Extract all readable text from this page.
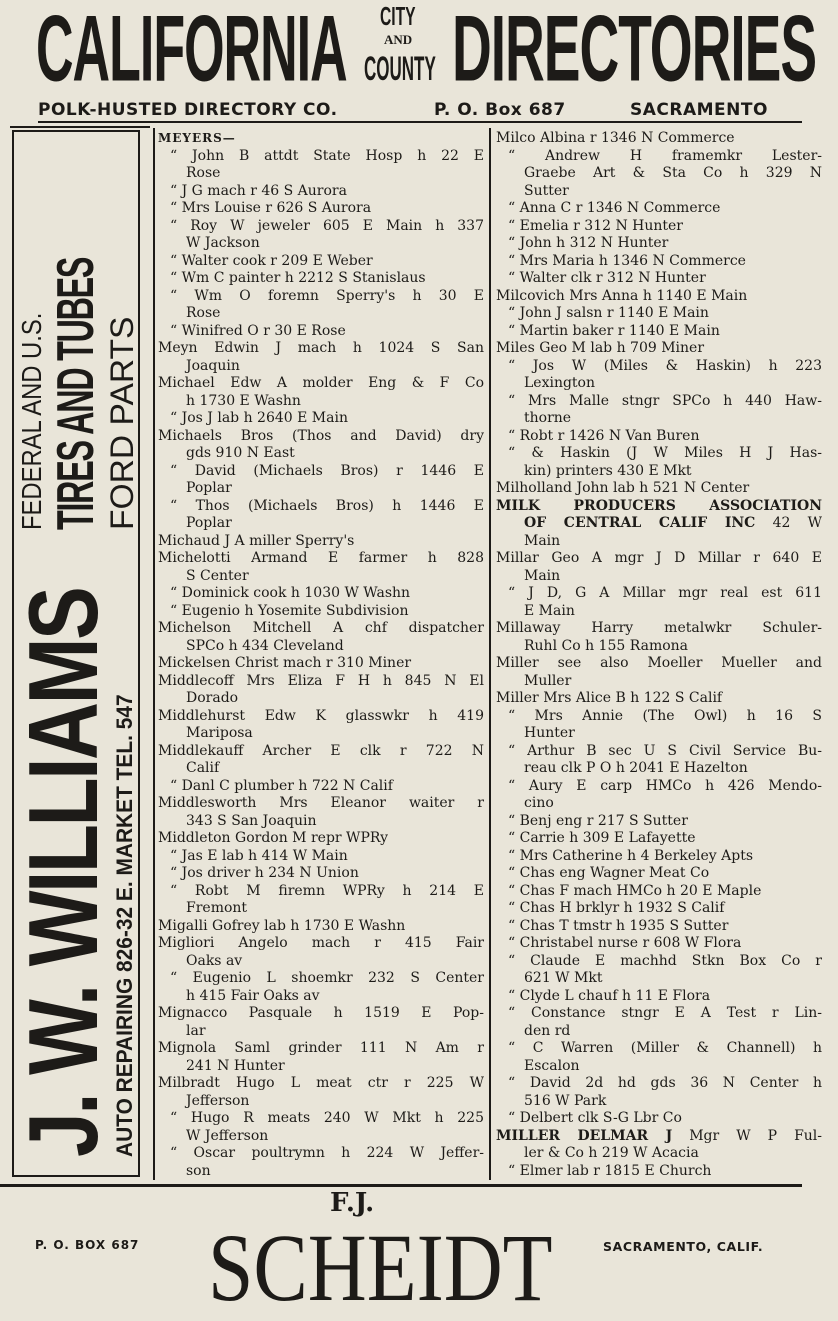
CALIFORNIA CITY
AND
COUNTY DIRECTORIES
POLK-HUSTED DIRECTORY CO.	P. O. Box 687	SACRAMENTO
J. W. WILLIAMS
AUTO REPAIRING 826-32 E. MARKET TEL. 547
FEDERAL AND U.S. TIRES AND TUBES FORD PARTS
MEYERS—
“ John B attdt State Hosp h 22 E
Rose
“ J G mach r 46 S Aurora
“ Mrs Louise r 626 S Aurora
“ Roy W jeweler 605 E Main h 337
W Jackson
“ Walter cook r 209 E Weber
“ Wm C painter h 2212 S Stanislaus
“ Wm O foremn Sperry's h 30 E
Rose
“ Winifred O r 30 E Rose
Meyn Edwin J mach h 1024 S San
Joaquin
Michael Edw A molder Eng & F Co
h 1730 E Washn
“ Jos J lab h 2640 E Main
Michaels Bros (Thos and David) dry
gds 910 N East
“ David (Michaels Bros) r 1446 E
Poplar
“ Thos (Michaels Bros) h 1446 E
Poplar
Michaud J A miller Sperry's
Michelotti Armand E farmer h 828
S Center
“ Dominick cook h 1030 W Washn
“ Eugenio h Yosemite Subdivision
Michelson Mitchell A chf dispatcher
SPCo h 434 Cleveland
Mickelsen Christ mach r 310 Miner
Middlecoff Mrs Eliza F H h 845 N El
Dorado
Middlehurst Edw K glasswkr h 419
Mariposa
Middlekauff Archer E clk r 722 N
Calif
“ Danl C plumber h 722 N Calif
Middlesworth Mrs Eleanor waiter r
343 S San Joaquin
Middleton Gordon M repr WPRy
“ Jas E lab h 414 W Main
“ Jos driver h 234 N Union
“ Robt M firemn WPRy h 214 E
Fremont
Migalli Gofrey lab h 1730 E Washn
Migliori Angelo mach r 415 Fair
Oaks av
“ Eugenio L shoemkr 232 S Center
h 415 Fair Oaks av
Mignacco Pasquale h 1519 E Pop-
lar
Mignola Saml grinder 111 N Am r
241 N Hunter
Milbradt Hugo L meat ctr r 225 W
Jefferson
“ Hugo R meats 240 W Mkt h 225
W Jefferson
“ Oscar poultrymn h 224 W Jeffer-
son
Milco Albina r 1346 N Commerce
“ Andrew H framemkr Lester-
Graebe Art & Sta Co h 329 N
Sutter
“ Anna C r 1346 N Commerce
“ Emelia r 312 N Hunter
“ John h 312 N Hunter
“ Mrs Maria h 1346 N Commerce
“ Walter clk r 312 N Hunter
Milcovich Mrs Anna h 1140 E Main
“ John J salsn r 1140 E Main
“ Martin baker r 1140 E Main
Miles Geo M lab h 709 Miner
“ Jos W (Miles & Haskin) h 223
Lexington
“ Mrs Malle stngr SPCo h 440 Haw-
thorne
“ Robt r 1426 N Van Buren
“ & Haskin (J W Miles H J Has-
kin) printers 430 E Mkt
Milholland John lab h 521 N Center
MILK PRODUCERS ASSOCIATION
OF CENTRAL CALIF INC 42 W
Main
Millar Geo A mgr J D Millar r 640 E
Main
“ J D, G A Millar mgr real est 611
E Main
Millaway Harry metalwkr Schuler-
Ruhl Co h 155 Ramona
Miller see also Moeller Mueller and
Muller
Miller Mrs Alice B h 122 S Calif
“ Mrs Annie (The Owl) h 16 S
Hunter
“ Arthur B sec U S Civil Service Bu-
reau clk P O h 2041 E Hazelton
“ Aury E carp HMCo h 426 Mendo-
cino
“ Benj eng r 217 S Sutter
“ Carrie h 309 E Lafayette
“ Mrs Catherine h 4 Berkeley Apts
“ Chas eng Wagner Meat Co
“ Chas F mach HMCo h 20 E Maple
“ Chas H brklyr h 1932 S Calif
“ Chas T tmstr h 1935 S Sutter
“ Christabel nurse r 608 W Flora
“ Claude E machhd Stkn Box Co r
621 W Mkt
“ Clyde L chauf h 11 E Flora
“ Constance stngr E A Test r Lin-
den rd
“ C Warren (Miller & Channell) h
Escalon
“ David 2d hd gds 36 N Center h
516 W Park
“ Delbert clk S-G Lbr Co
MILLER DELMAR J Mgr W P Ful-
ler & Co h 219 W Acacia
“ Elmer lab r 1815 E Church
P. O. BOX 687
F.J.
SCHEIDT	SACRAMENTO, CALIF.
